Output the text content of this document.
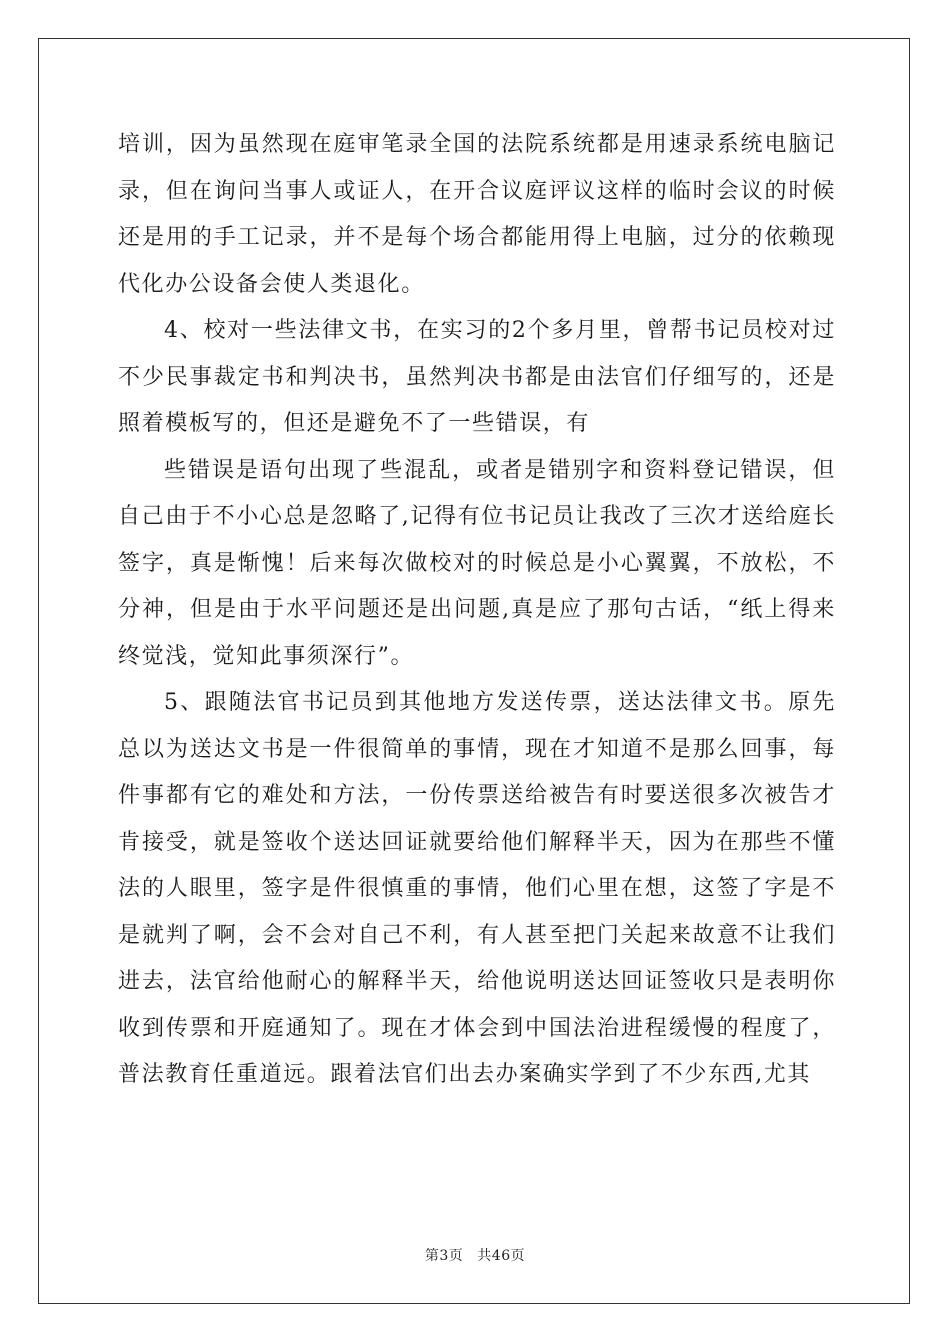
培训，因为虽然现在庭审笔录全国的法院系统都是用速录系统电脑记录，但在询问当事人或证人，在开合议庭评议这样的临时会议的时候还是用的手工记录，并不是每个场合都能用得上电脑，过分的依赖现代化办公设备会使人类退化。

4、校对一些法律文书，在实习的2个多月里，曾帮书记员校对过不少民事裁定书和判决书，虽然判决书都是由法官们仔细写的，还是照着模板写的，但还是避免不了一些错误，有

些错误是语句出现了些混乱，或者是错别字和资料登记错误，但自己由于不小心总是忽略了,记得有位书记员让我改了三次才送给庭长签字，真是惭愧！后来每次做校对的时候总是小心翼翼，不放松，不分神，但是由于水平问题还是出问题,真是应了那句古话，“纸上得来终觉浅，觉知此事须深行”。

5、跟随法官书记员到其他地方发送传票，送达法律文书。原先总以为送达文书是一件很简单的事情，现在才知道不是那么回事，每件事都有它的难处和方法，一份传票送给被告有时要送很多次被告才肯接受，就是签收个送达回证就要给他们解释半天，因为在那些不懂法的人眼里，签字是件很慎重的事情，他们心里在想，这签了字是不是就判了啊，会不会对自己不利，有人甚至把门关起来故意不让我们进去，法官给他耐心的解释半天，给他说明送达回证签收只是表明你收到传票和开庭通知了。现在才体会到中国法治进程缓慢的程度了，普法教育任重道远。跟着法官们出去办案确实学到了不少东西,尤其

第3页 共46页
